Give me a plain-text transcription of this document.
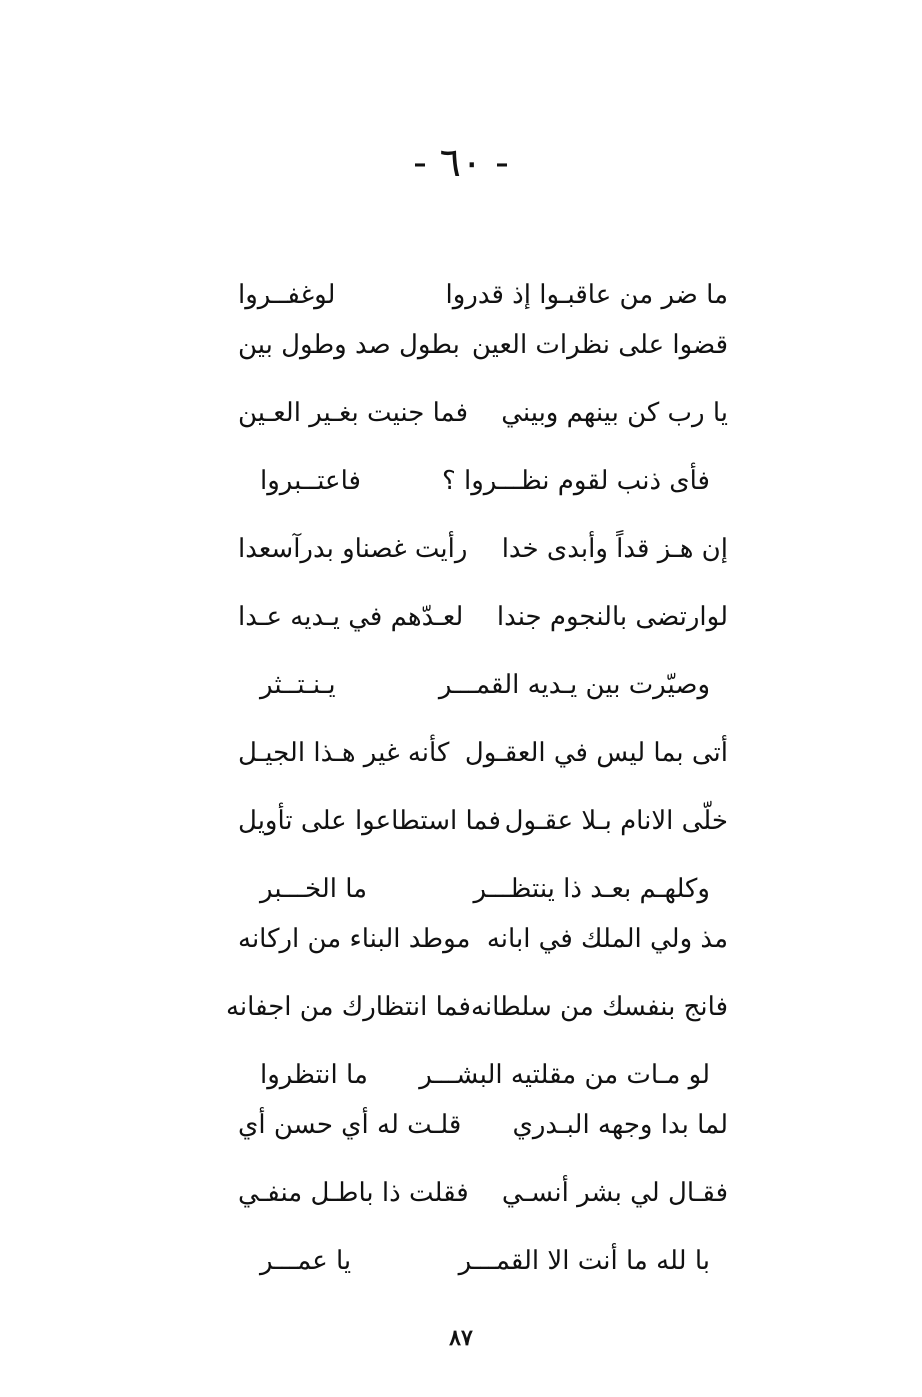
- ٦٠ -
ما ضر من عاقبـوا إذ قدروا
لوغفــروا
قضوا على نظرات العين
بطول صد وطول بين
يا رب كن بينهم وبيني
فما جنيت بغـير العـين
فأى ذنب لقوم نظـــروا ؟
فاعتــبروا
إن هـز قداً وأبدى خدا
رأيت غصناو بدرآسعدا
لوارتضى بالنجوم جندا
لعـدّهم في يـديه عـدا
وصيّرت بين يـديه القمـــر
يـنـتــثر
أتى بما ليس في العقـول
كأنه غير هـذا الجيـل
خلّى الانام بـلا عقـول
فما استطاعوا على تأويل
وكلهـم بعـد ذا ينتظـــر
ما الخـــبر
مذ ولي الملك في ابانه
موطد البناء من اركانه
فانج بنفسك من سلطانه
فما انتظارك من اجفانه
لو مـات من مقلتيه البشـــر
ما انتظروا
لما بدا وجهه البـدري
قلـت له أي حسن أي
فقـال لي بشر أنسـي
فقلت ذا باطـل منفـي
با لله ما أنت الا القمـــر
يا عمـــر
٨٧
